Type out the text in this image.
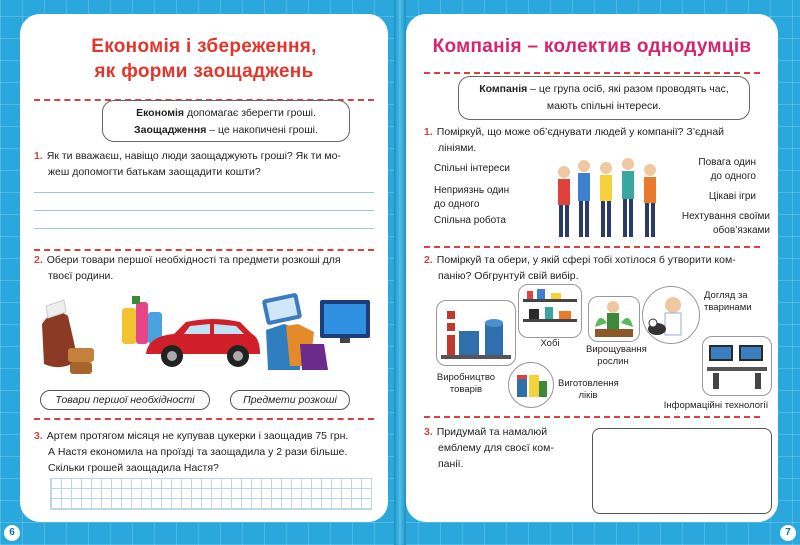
Економія і збереження,
як форми заощаджень
Економія допомагає зберегти гроші.
Заощадження – це накопичені гроші.
1. Як ти вважаєш, навіщо люди заощаджують гроші? Як ти мо-
жеш допомогти батькам заощадити кошти?
2. Обери товари першої необхідності та предмети розкоші для
твоєї родини.
Товари першої необхідності	Предмети розкоші
3. Артем протягом місяця не купував цукерки і заощадив 75 грн.
А Настя економила на проїзді та заощадила у 2 рази більше.
Скільки грошей заощадила Настя?
Компанія – колектив однодумців
Компанія – це група осіб, які разом проводять час,
мають спільні інтереси.
1. Поміркуй, що може об’єднувати людей у компанії? З’єднай
лініями.
Спільні інтереси
Неприязнь один
до одного
Спільна робота
Повага один
до одного
Цікаві ігри
Нехтування своїми
обов’язками
2. Поміркуй та обери, у якій сфері тобі хотілося б утворити ком-
панію? Обгрунтуй свій вибір.
Догляд за
тваринами
Хобі
Вирощування
рослин
Виробництво
товарів
Виготовлення
ліків
Інформаційні технології
3. Придумай та намалюй
емблему для своєї ком-
панії.
6	7
